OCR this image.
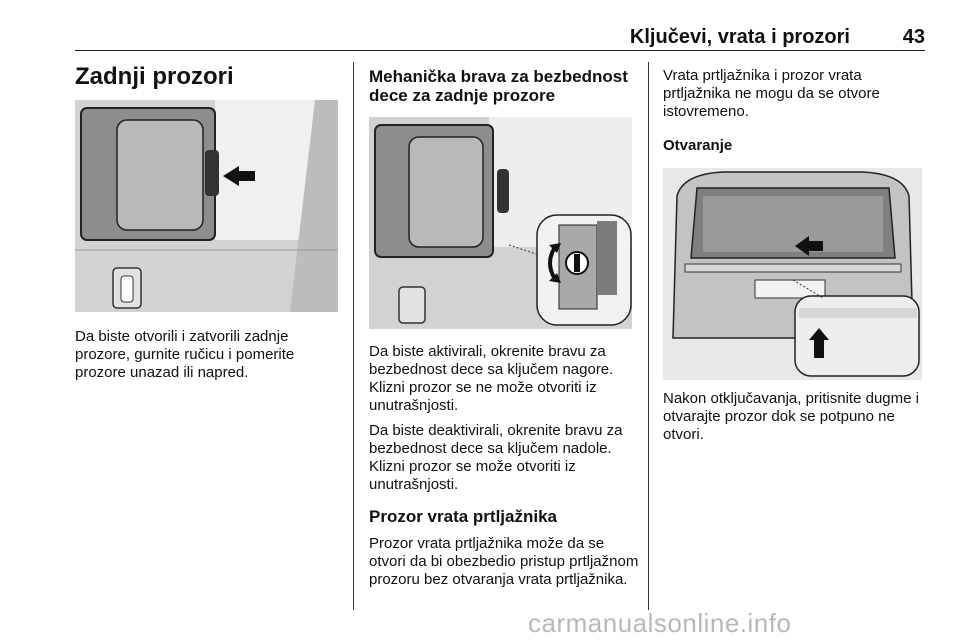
Ključevi, vrata i prozori	43
Zadnji prozori

Da biste otvorili i zatvorili zadnje prozore, gurnite ručicu i pomerite prozore unazad ili napred.

Mehanička brava za bezbednost dece za zadnje prozore

Da biste aktivirali, okrenite bravu za bezbednost dece sa ključem nagore. Klizni prozor se ne može otvoriti iz unutrašnjosti.

Da biste deaktivirali, okrenite bravu za bezbednost dece sa ključem nadole. Klizni prozor se može otvoriti iz unutrašnjosti.

Prozor vrata prtljažnika

Prozor vrata prtljažnika može da se otvori da bi obezbedio pristup prtljažnom prozoru bez otvaranja vrata prtljažnika.

Vrata prtljažnika i prozor vrata prtljažnika ne mogu da se otvore istovremeno.

Otvaranje

Nakon otključavanja, pritisnite dugme i otvarajte prozor dok se potpuno ne otvori.

carmanualsonline.info
